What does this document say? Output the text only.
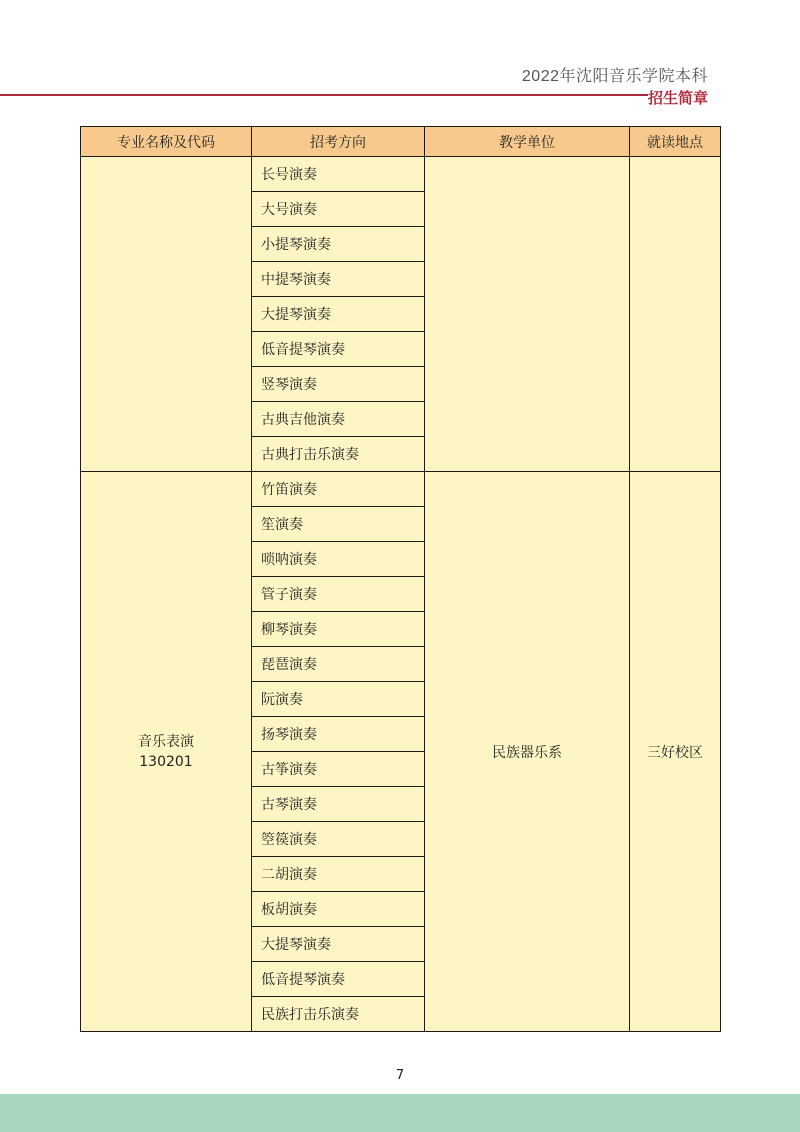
2022年沈阳音乐学院本科
招生简章
专业名称及代码	招考方向	教学单位	就读地点
	长号演奏		
	大号演奏		
	小提琴演奏		
	中提琴演奏		
	大提琴演奏		
	低音提琴演奏		
	竖琴演奏		
	古典吉他演奏		
	古典打击乐演奏		

音乐表演
130201	竹笛演奏	民族器乐系	三好校区
	笙演奏		
	唢呐演奏		
	管子演奏		
	柳琴演奏		
	琵琶演奏		
	阮演奏		
	扬琴演奏		
	古筝演奏		
	古琴演奏		
	箜篌演奏		
	二胡演奏		
	板胡演奏		
	大提琴演奏		
	低音提琴演奏		
	民族打击乐演奏		
7
